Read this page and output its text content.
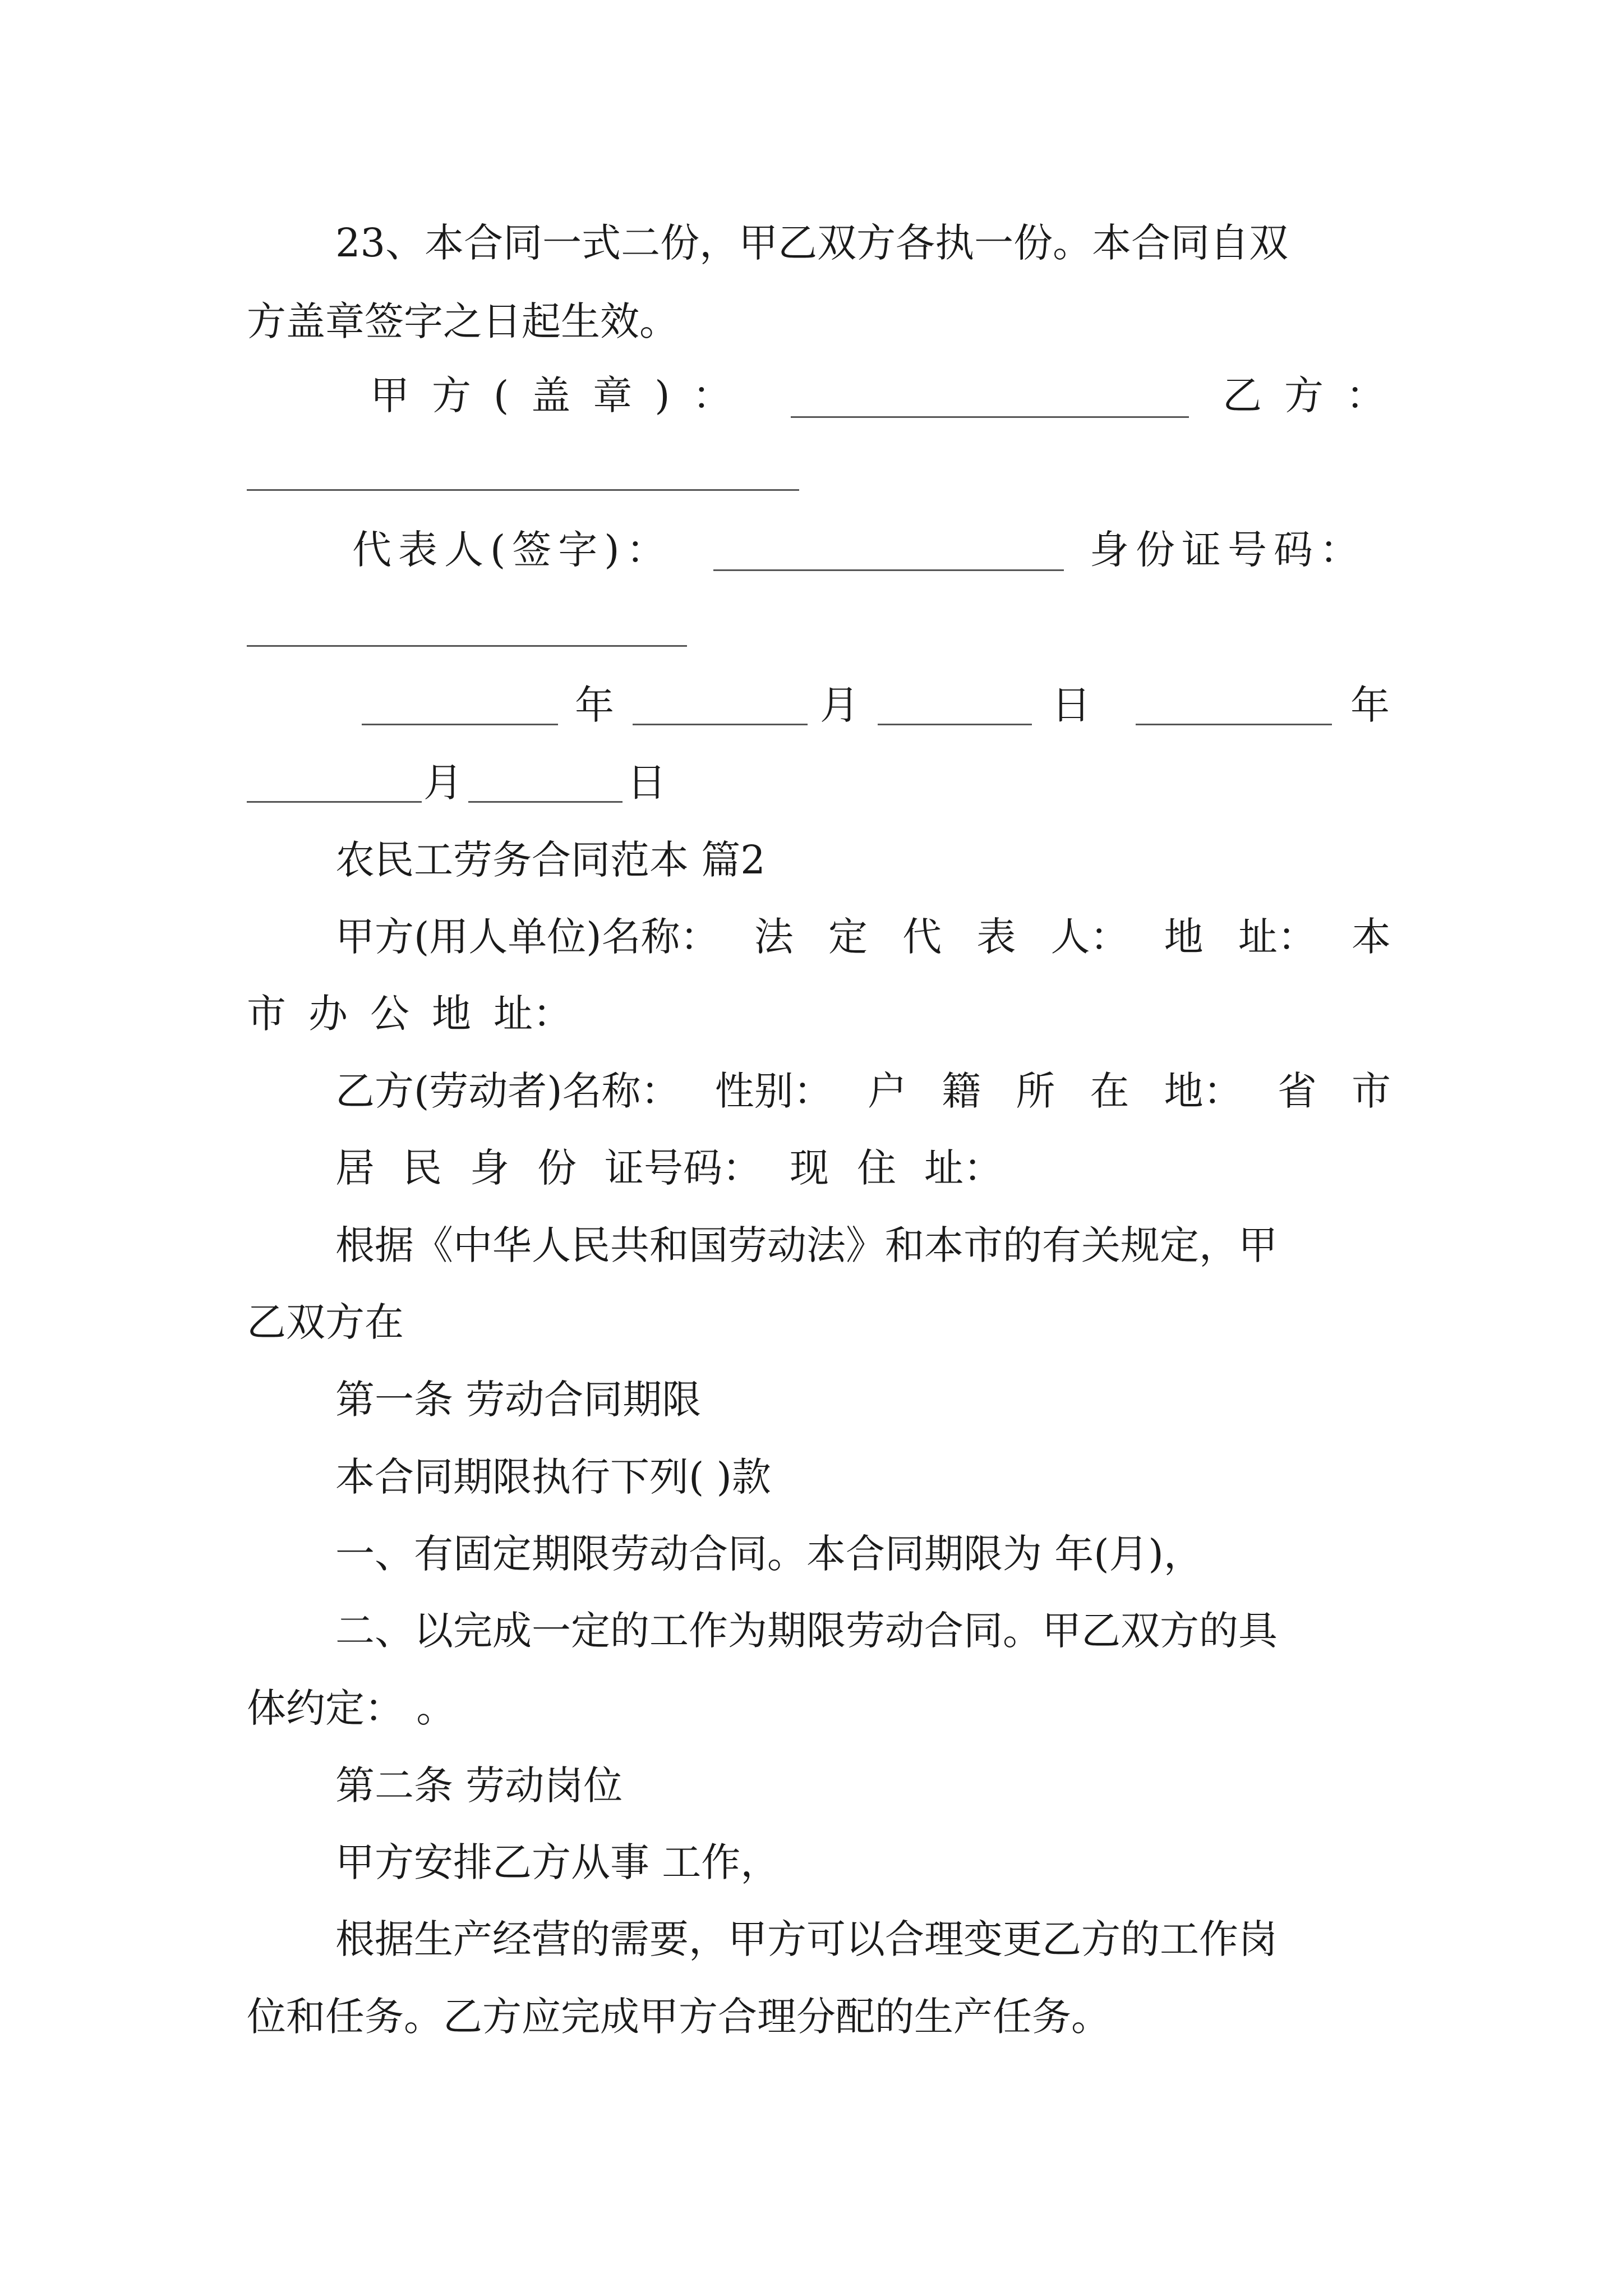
23、本合同一式二份，甲乙双方各执一份。本合同自双

方盖章签字之日起生效。

甲方(盖章)：	乙方：

代表人(签字)：	身份证号码：

年	月	日	年
月	日

农民工劳务合同范本 篇2

甲方(用人单位)名称： 法 定 代 表 人： 地 址： 本

市 办 公 地 址：

乙方(劳动者)名称： 性别： 户 籍 所 在 地： 省 市

居 民 身 份 证号码： 现 住 址：

根据《中华人民共和国劳动法》和本市的有关规定，甲

乙双方在

第一条 劳动合同期限

本合同期限执行下列( )款

一、有固定期限劳动合同。本合同期限为 年(月)，

二、以完成一定的工作为期限劳动合同。甲乙双方的具

体约定： 。

第二条 劳动岗位

甲方安排乙方从事 工作，

根据生产经营的需要，甲方可以合理变更乙方的工作岗

位和任务。乙方应完成甲方合理分配的生产任务。
